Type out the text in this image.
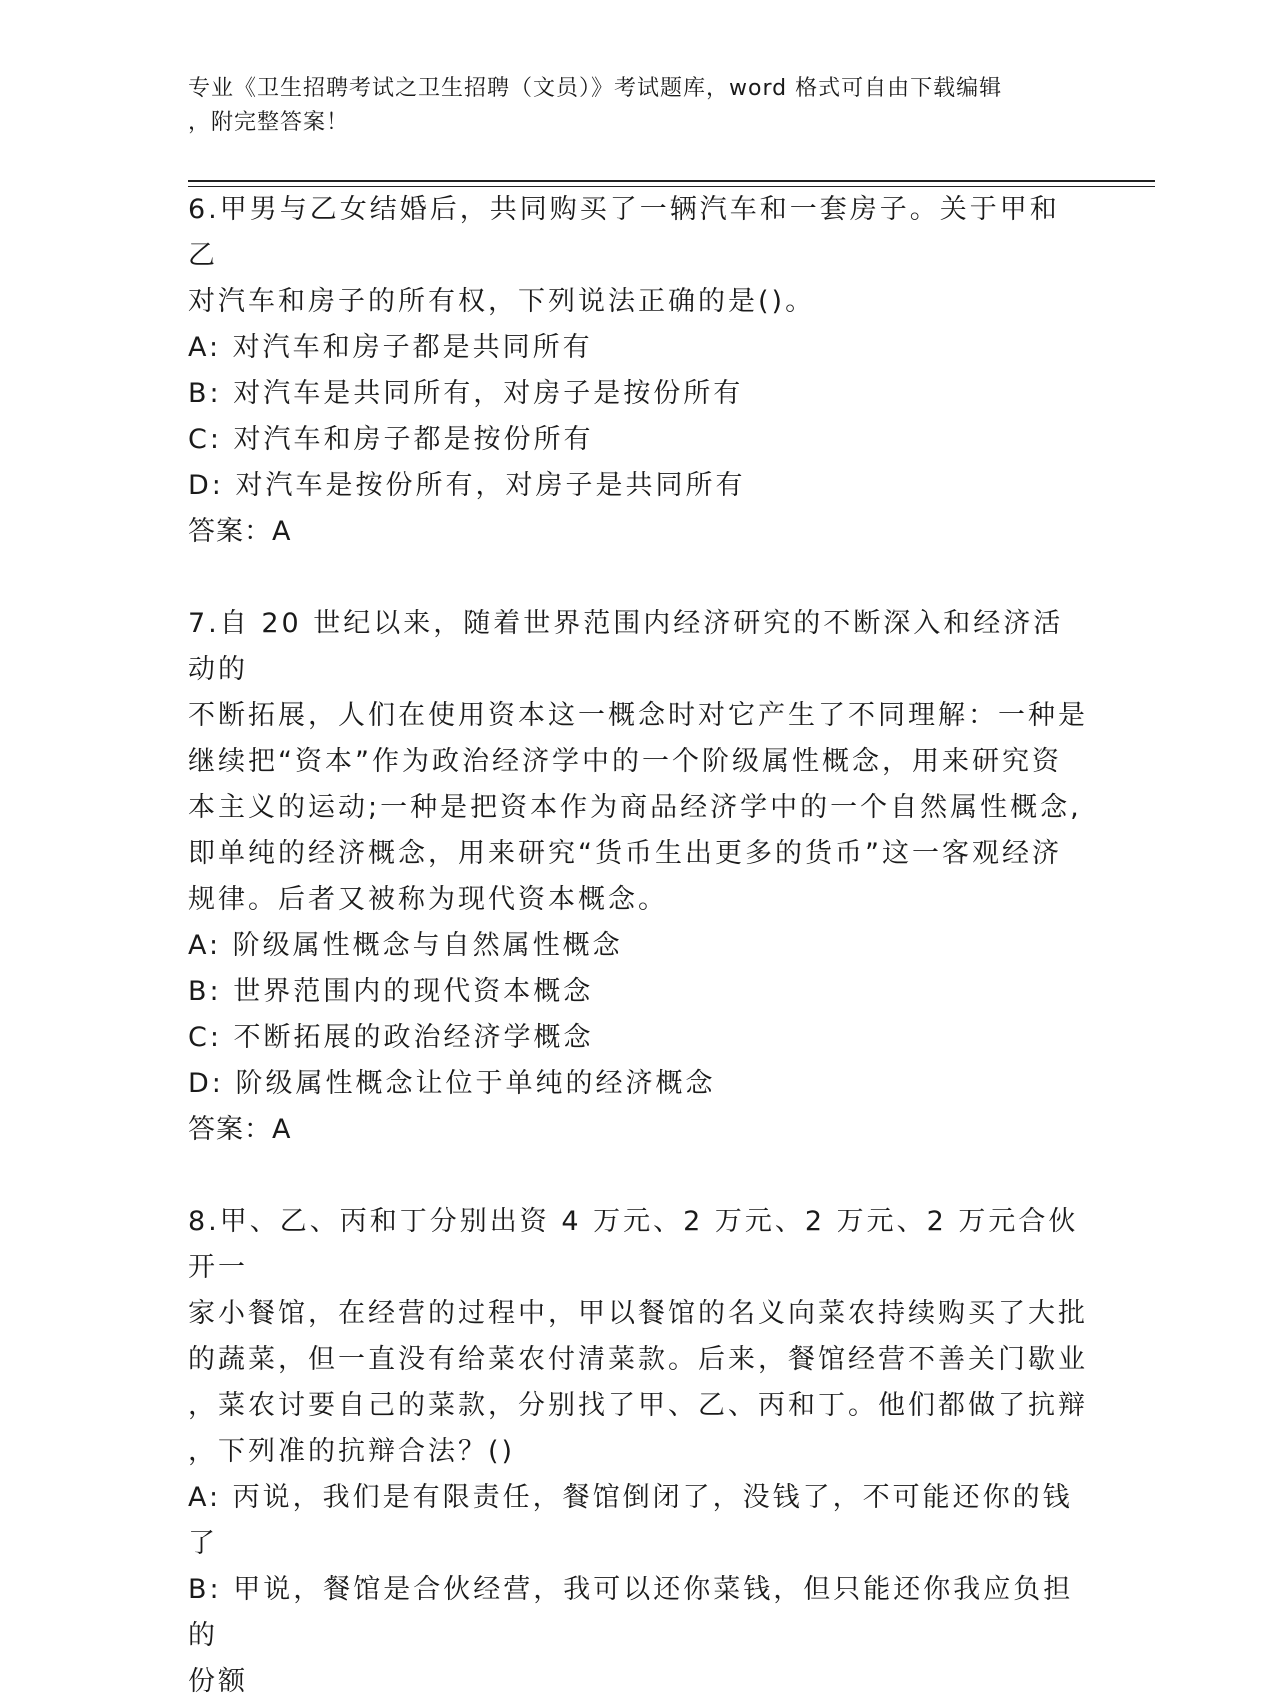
专业《卫生招聘考试之卫生招聘（文员）》考试题库，word 格式可自由下载编辑
，附完整答案！
6.甲男与乙女结婚后，共同购买了一辆汽车和一套房子。关于甲和乙
对汽车和房子的所有权，下列说法正确的是()。
A: 对汽车和房子都是共同所有
B: 对汽车是共同所有，对房子是按份所有
C: 对汽车和房子都是按份所有
D: 对汽车是按份所有，对房子是共同所有
答案：A
7.自 20 世纪以来，随着世界范围内经济研究的不断深入和经济活动的
不断拓展，人们在使用资本这一概念时对它产生了不同理解：一种是
继续把“资本”作为政治经济学中的一个阶级属性概念，用来研究资
本主义的运动;一种是把资本作为商品经济学中的一个自然属性概念,
即单纯的经济概念，用来研究“货币生出更多的货币”这一客观经济
规律。后者又被称为现代资本概念。
A: 阶级属性概念与自然属性概念
B: 世界范围内的现代资本概念
C: 不断拓展的政治经济学概念
D: 阶级属性概念让位于单纯的经济概念
答案：A
8.甲、乙、丙和丁分别出资 4 万元、2 万元、2 万元、2 万元合伙开一
家小餐馆，在经营的过程中，甲以餐馆的名义向菜农持续购买了大批
的蔬菜，但一直没有给菜农付清菜款。后来，餐馆经营不善关门歇业
，菜农讨要自己的菜款，分别找了甲、乙、丙和丁。他们都做了抗辩
，下列准的抗辩合法？()
A: 丙说，我们是有限责任，餐馆倒闭了，没钱了，不可能还你的钱了
B: 甲说，餐馆是合伙经营，我可以还你菜钱，但只能还你我应负担的
份额
